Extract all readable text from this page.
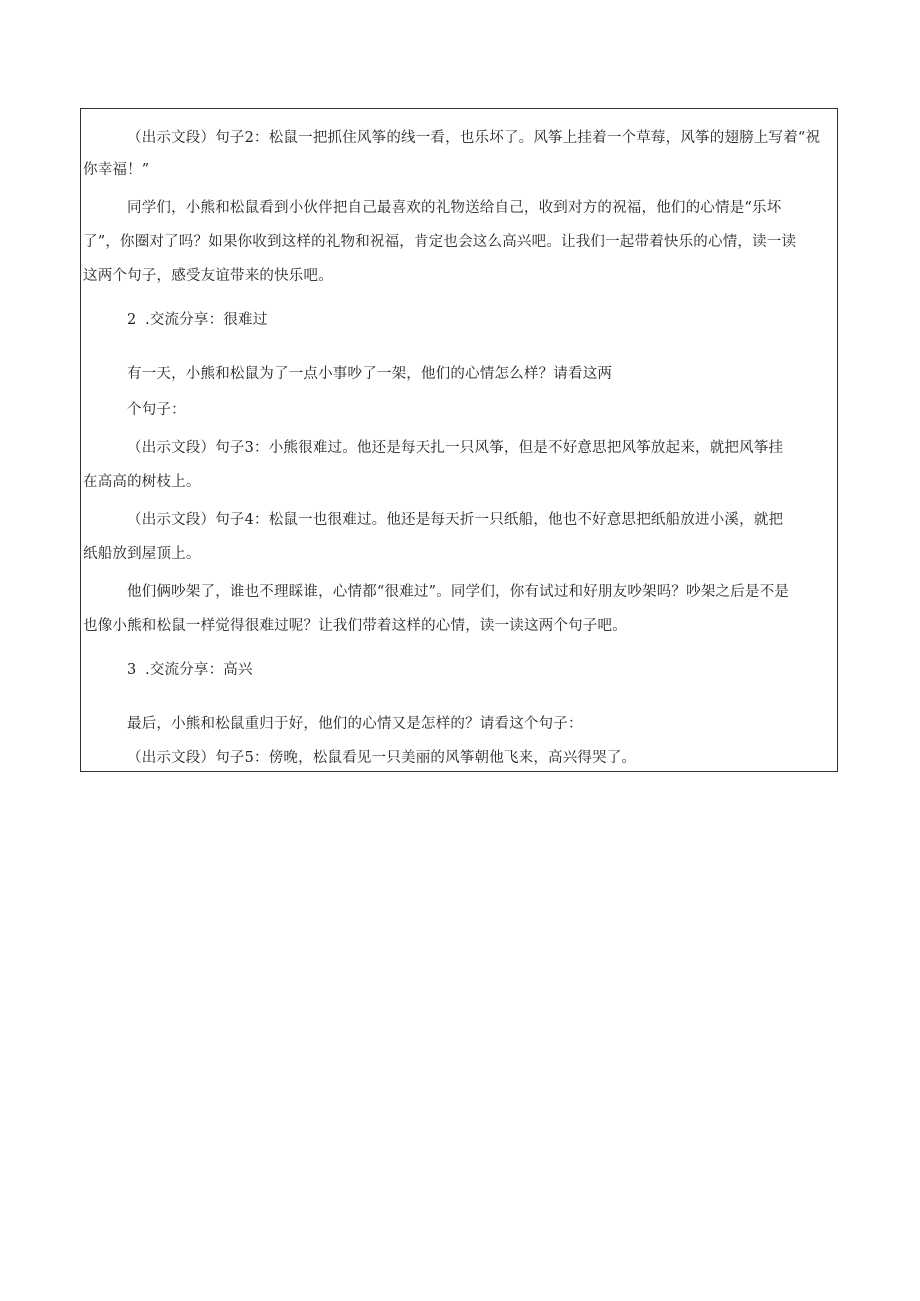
（出示文段）句子2：松鼠一把抓住风筝的线一看，也乐坏了。风筝上挂着一个草莓，风筝的翅膀上写着“祝
你幸福！”
同学们，小熊和松鼠看到小伙伴把自己最喜欢的礼物送给自己，收到对方的祝福，他们的心情是“乐坏
了”，你圈对了吗？如果你收到这样的礼物和祝福，肯定也会这么高兴吧。让我们一起带着快乐的心情，读一读
这两个句子，感受友谊带来的快乐吧。
2 .交流分享：很难过
有一天，小熊和松鼠为了一点小事吵了一架，他们的心情怎么样？请看这两
个句子：
（出示文段）句子3：小熊很难过。他还是每天扎一只风筝，但是不好意思把风筝放起来，就把风筝挂
在高高的树枝上。
（出示文段）句子4：松鼠一也很难过。他还是每天折一只纸船，他也不好意思把纸船放进小溪，就把
纸船放到屋顶上。
他们俩吵架了，谁也不理睬谁，心情都“很难过”。同学们，你有试过和好朋友吵架吗？吵架之后是不是
也像小熊和松鼠一样觉得很难过呢？让我们带着这样的心情，读一读这两个句子吧。
3 .交流分享：高兴
最后，小熊和松鼠重归于好，他们的心情又是怎样的？请看这个句子：
（出示文段）句子5：傍晚，松鼠看见一只美丽的风筝朝他飞来，高兴得哭了。
